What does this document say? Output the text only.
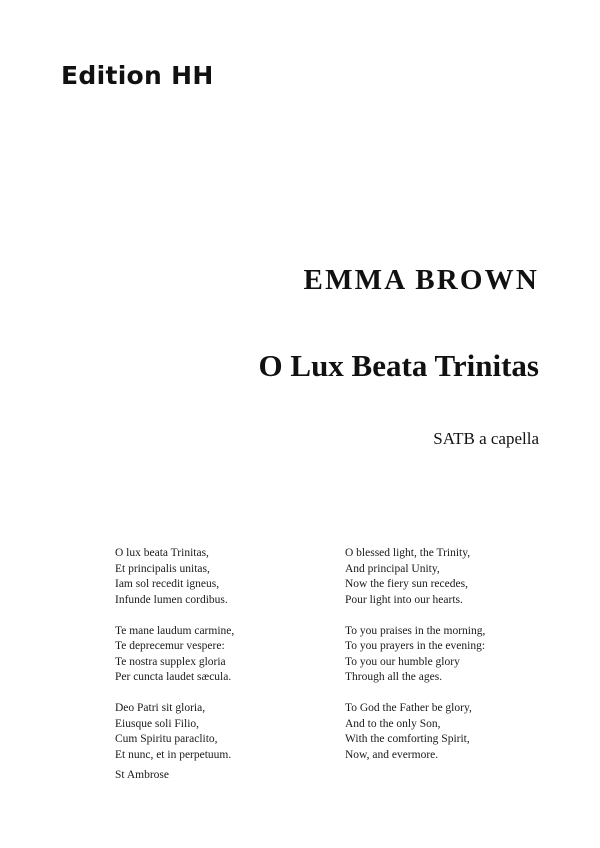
Edition HH
EMMA BROWN
O Lux Beata Trinitas

SATB a capella

O lux beata Trinitas,
Et principalis unitas,
Iam sol recedit igneus,
Infunde lumen cordibus.
Te mane laudum carmine,
Te deprecemur vespere:
Te nostra supplex gloria
Per cuncta laudet sæcula.
Deo Patri sit gloria,
Eiusque soli Filio,
Cum Spiritu paraclito,
Et nunc, et in perpetuum.
O blessed light, the Trinity,
And principal Unity,
Now the fiery sun recedes,
Pour light into our hearts.
To you praises in the morning,
To you prayers in the evening:
To you our humble glory
Through all the ages.
To God the Father be glory,
And to the only Son,
With the comforting Spirit,
Now, and evermore.

St Ambrose
